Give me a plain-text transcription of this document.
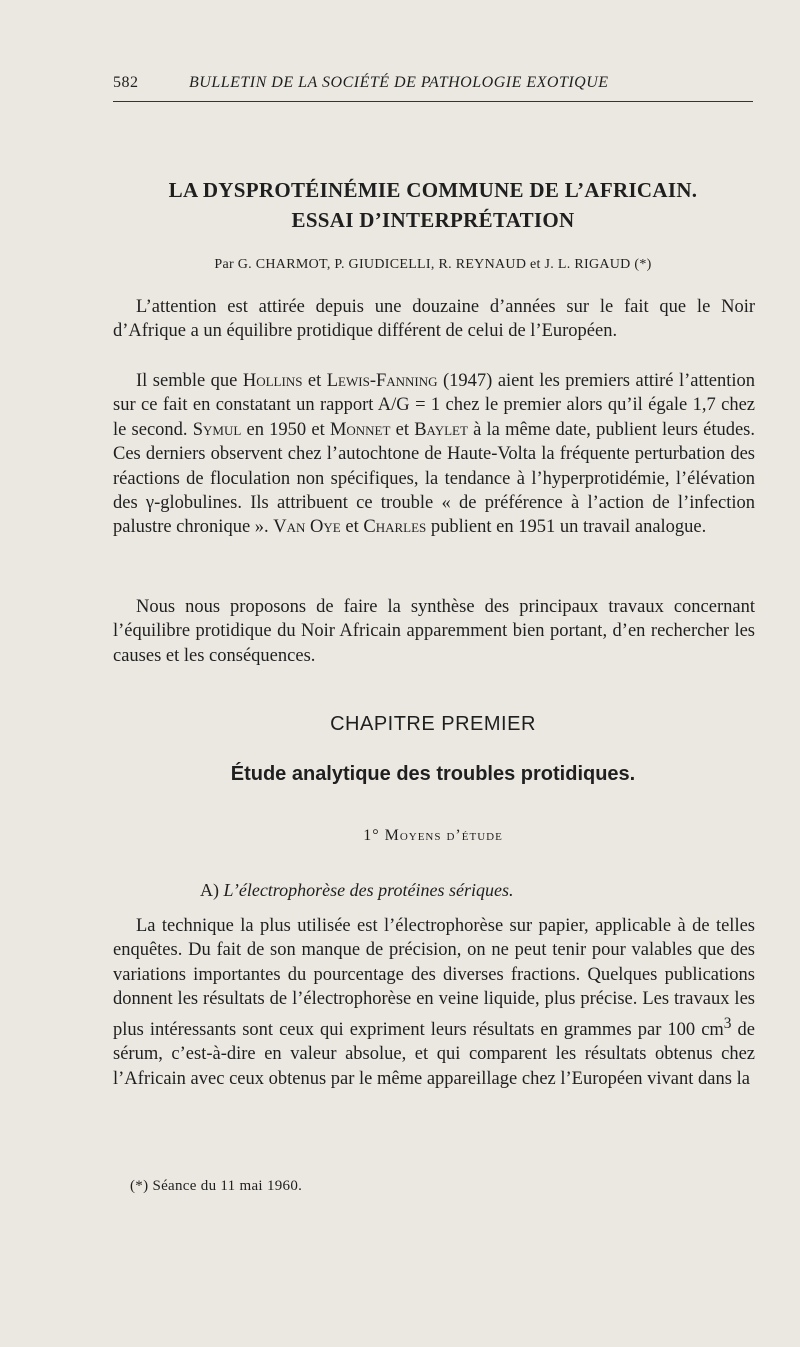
582	BULLETIN DE LA SOCIÉTÉ DE PATHOLOGIE EXOTIQUE
LA DYSPROTÉINÉMIE COMMUNE DE L’AFRICAIN.
ESSAI D’INTERPRÉTATION
Par G. CHARMOT, P. GIUDICELLI, R. REYNAUD et J. L. RIGAUD (*)

L’attention est attirée depuis une douzaine d’années sur le fait que le Noir d’Afrique a un équilibre protidique différent de celui de l’Européen.

Il semble que Hollins et Lewis-Fanning (1947) aient les premiers attiré l’attention sur ce fait en constatant un rapport A/G = 1 chez le premier alors qu’il égale 1,7 chez le second. Symul en 1950 et Monnet et Baylet à la même date, publient leurs études. Ces derniers observent chez l’autochtone de Haute-Volta la fréquente perturbation des réactions de floculation non spécifiques, la tendance à l’hyperprotidémie, l’élévation des γ-globulines. Ils attribuent ce trouble « de préférence à l’action de l’infection palustre chronique ». Van Oye et Charles publient en 1951 un travail analogue.

Nous nous proposons de faire la synthèse des principaux travaux concernant l’équilibre protidique du Noir Africain apparemment bien portant, d’en rechercher les causes et les conséquences.

CHAPITRE PREMIER
Étude analytique des troubles protidiques.
1° Moyens d’étude
A) L’électrophorèse des protéines sériques.

La technique la plus utilisée est l’électrophorèse sur papier, applicable à de telles enquêtes. Du fait de son manque de précision, on ne peut tenir pour valables que des variations importantes du pourcentage des diverses fractions. Quelques publications donnent les résultats de l’électrophorèse en veine liquide, plus précise. Les travaux les plus intéressants sont ceux qui expriment leurs résultats en grammes par 100 $cm^3$ de sérum, c’est-à-dire en valeur absolue, et qui comparent les résultats obtenus chez l’Africain avec ceux obtenus par le même appareillage chez l’Européen vivant dans la

(*) Séance du 11 mai 1960.
